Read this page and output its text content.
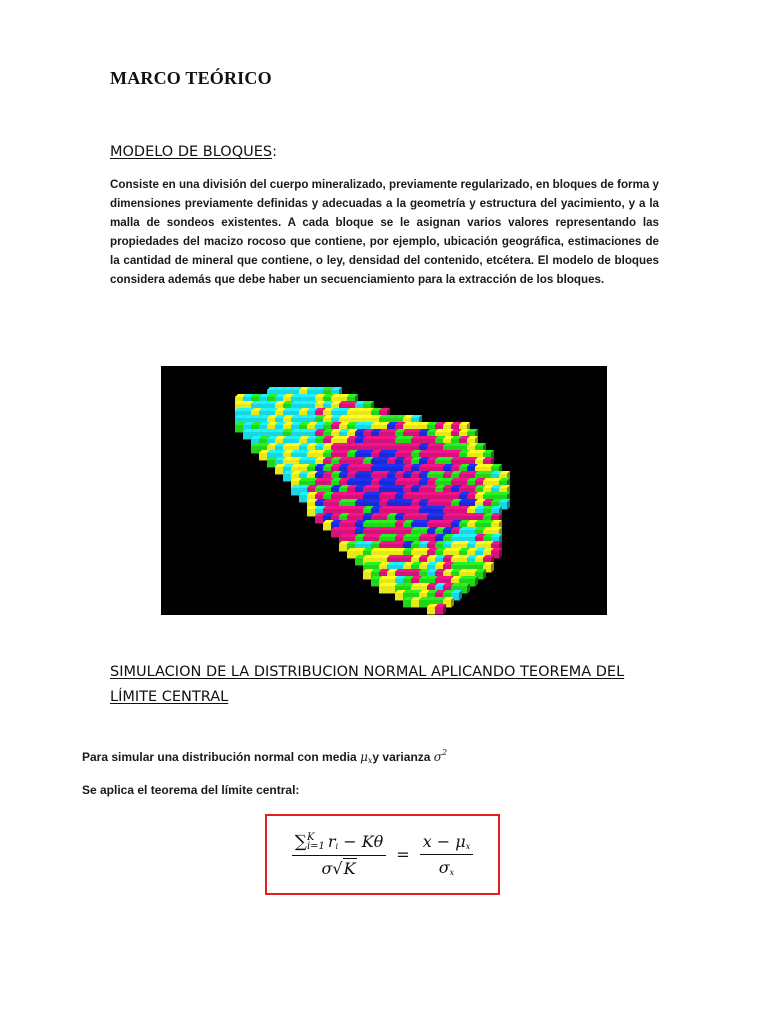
MARCO TEÓRICO
MODELO DE BLOQUES:
Consiste en una división del cuerpo mineralizado, previamente regularizado, en bloques de forma y dimensiones previamente definidas y adecuadas a la geometría y estructura del yacimiento, y a la malla de sondeos existentes. A cada bloque se le asignan varios valores representando las propiedades del macizo rocoso que contiene, por ejemplo, ubicación geográfica, estimaciones de la cantidad de mineral que contiene, o ley, densidad del contenido, etcétera. El modelo de bloques considera además que debe haber un secuenciamiento para la extracción de los bloques.
SIMULACION DE LA DISTRIBUCION NORMAL APLICANDO TEOREMA DEL
LÍMITE CENTRAL
Para simular una distribución normal con media $\mu_xy$ varianza $\sigma^2$
Se aplica el teorema del límite central:
∑ K
i=1 $r_i - K\theta$
$\sigma√K = \frac{x - \mu_x}{\sigma_x}$
